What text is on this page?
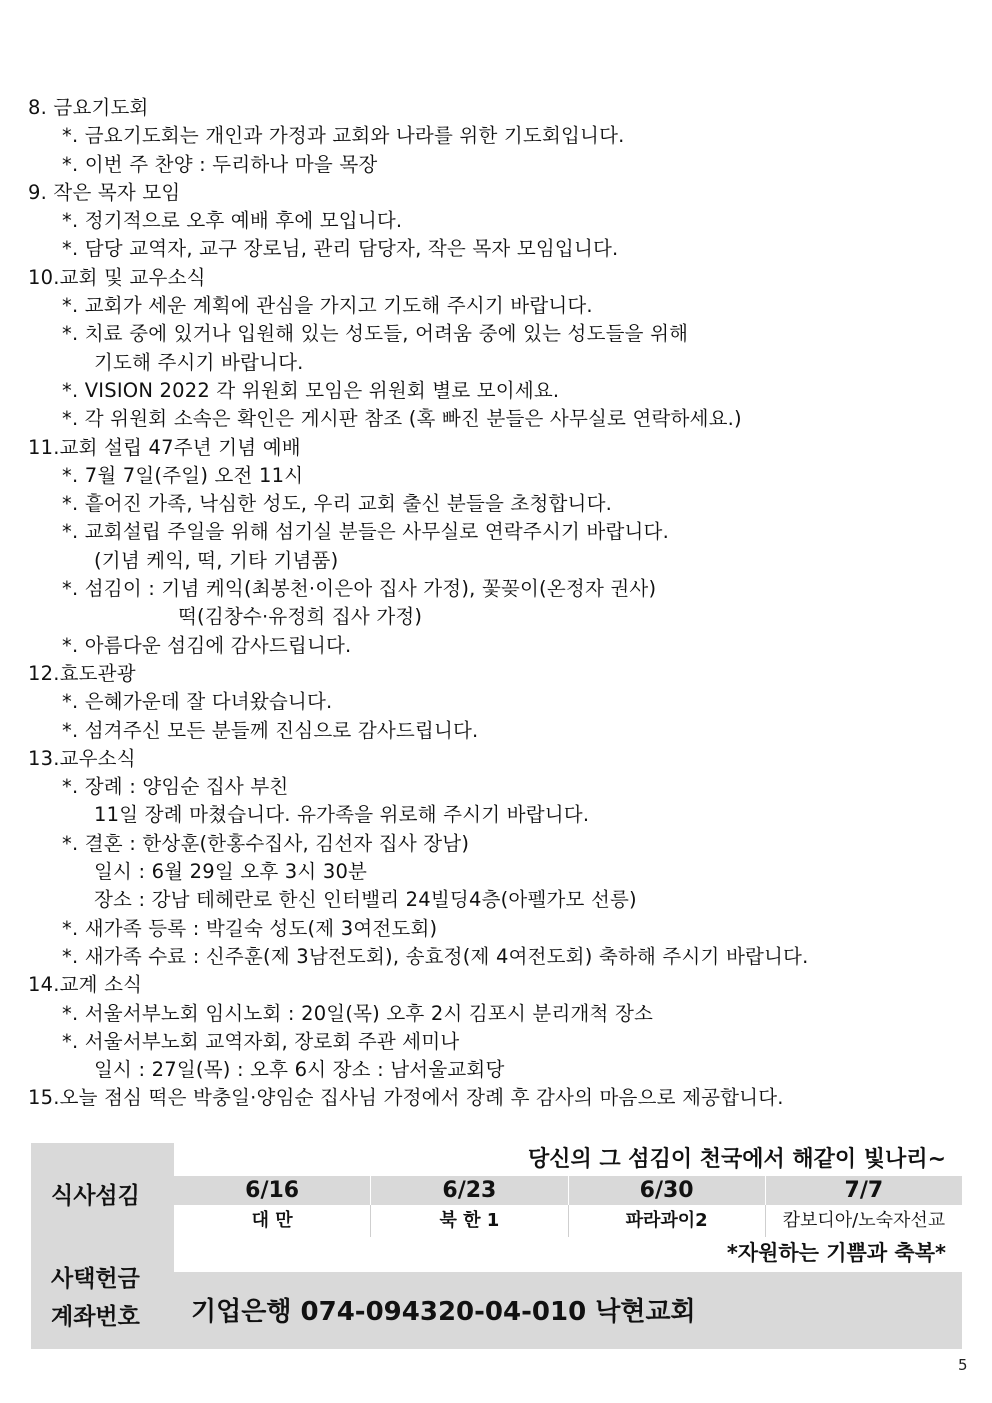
8. 금요기도회
*. 금요기도회는 개인과 가정과 교회와 나라를 위한 기도회입니다.
*. 이번 주 찬양 : 두리하나 마을 목장
9. 작은 목자 모임
*. 정기적으로 오후 예배 후에 모입니다.
*. 담당 교역자, 교구 장로님, 관리 담당자, 작은 목자 모임입니다.
10.교회 및 교우소식
*. 교회가 세운 계획에 관심을 가지고 기도해 주시기 바랍니다.
*. 치료 중에 있거나 입원해 있는 성도들, 어려움 중에 있는 성도들을 위해
기도해 주시기 바랍니다.
*. VISION 2022 각 위원회 모임은 위원회 별로 모이세요.
*. 각 위원회 소속은 확인은 게시판 참조 (혹 빠진 분들은 사무실로 연락하세요.)
11.교회 설립 47주년 기념 예배
*. 7월 7일(주일) 오전 11시
*. 흩어진 가족, 낙심한 성도, 우리 교회 출신 분들을 초청합니다.
*. 교회설립 주일을 위해 섬기실 분들은 사무실로 연락주시기 바랍니다.
(기념 케익, 떡, 기타 기념품)
*. 섬김이 : 기념 케익(최봉천·이은아 집사 가정), 꽃꽂이(온정자 권사)
떡(김창수·유정희 집사 가정)
*. 아름다운 섬김에 감사드립니다.
12.효도관광
*. 은혜가운데 잘 다녀왔습니다.
*. 섬겨주신 모든 분들께 진심으로 감사드립니다.
13.교우소식
*. 장례 : 양임순 집사 부친
11일 장례 마쳤습니다. 유가족을 위로해 주시기 바랍니다.
*. 결혼 : 한상훈(한홍수집사, 김선자 집사 장남)
일시 : 6월 29일 오후 3시 30분
장소 : 강남 테헤란로 한신 인터밸리 24빌딩4층(아펠가모 선릉)
*. 새가족 등록 : 박길숙 성도(제 3여전도회)
*. 새가족 수료 : 신주훈(제 3남전도회), 송효정(제 4여전도회) 축하해 주시기 바랍니다.
14.교계 소식
*. 서울서부노회 임시노회 : 20일(목) 오후 2시 김포시 분리개척 장소
*. 서울서부노회 교역자회, 장로회 주관 세미나
일시 : 27일(목) : 오후 6시 장소 : 남서울교회당
15.오늘 점심 떡은 박충일·양임순 집사님 가정에서 장례 후 감사의 마음으로 제공합니다.
식사섬김
당신의 그 섬김이 천국에서 해같이 빛나리~
6/16	6/23	6/30	7/7
대 만	북 한 1	파라과이2	캄보디아/노숙자선교
*자원하는 기쁨과 축복*
사택헌금
계좌번호 기업은행 074-094320-04-010 낙현교회
5
